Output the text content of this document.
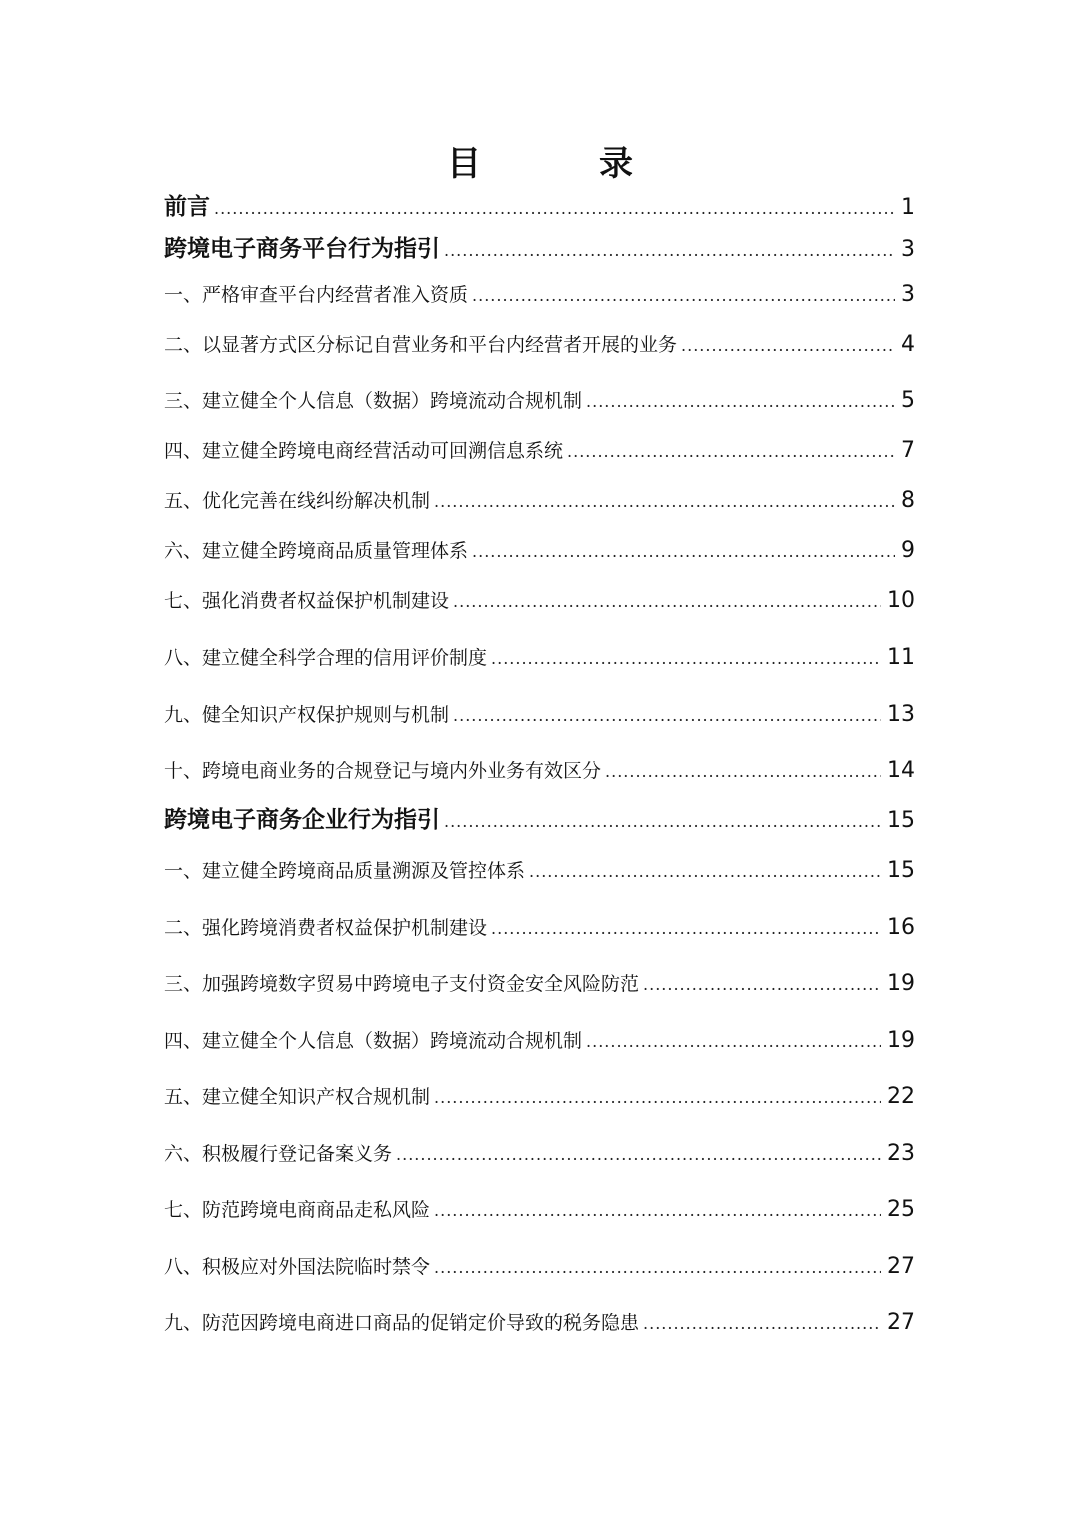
目　录
前言 .....	1
跨境电子商务平台行为指引 .....	3
一、严格审查平台内经营者准入资质 .....	3
二、以显著方式区分标记自营业务和平台内经营者开展的业务 .....	4
三、建立健全个人信息（数据）跨境流动合规机制 .....	5
四、建立健全跨境电商经营活动可回溯信息系统 .....	7
五、优化完善在线纠纷解决机制 .....	8
六、建立健全跨境商品质量管理体系 .....	9
七、强化消费者权益保护机制建设 .....	10
八、建立健全科学合理的信用评价制度 .....	11
九、健全知识产权保护规则与机制 .....	13
十、跨境电商业务的合规登记与境内外业务有效区分 .....	14
跨境电子商务企业行为指引 .....	15
一、建立健全跨境商品质量溯源及管控体系 .....	15
二、强化跨境消费者权益保护机制建设 .....	16
三、加强跨境数字贸易中跨境电子支付资金安全风险防范 .....	19
四、建立健全个人信息（数据）跨境流动合规机制 .....	19
五、建立健全知识产权合规机制 .....	22
六、积极履行登记备案义务 .....	23
七、防范跨境电商商品走私风险 .....	25
八、积极应对外国法院临时禁令 .....	27
九、防范因跨境电商进口商品的促销定价导致的税务隐患 .....	27
